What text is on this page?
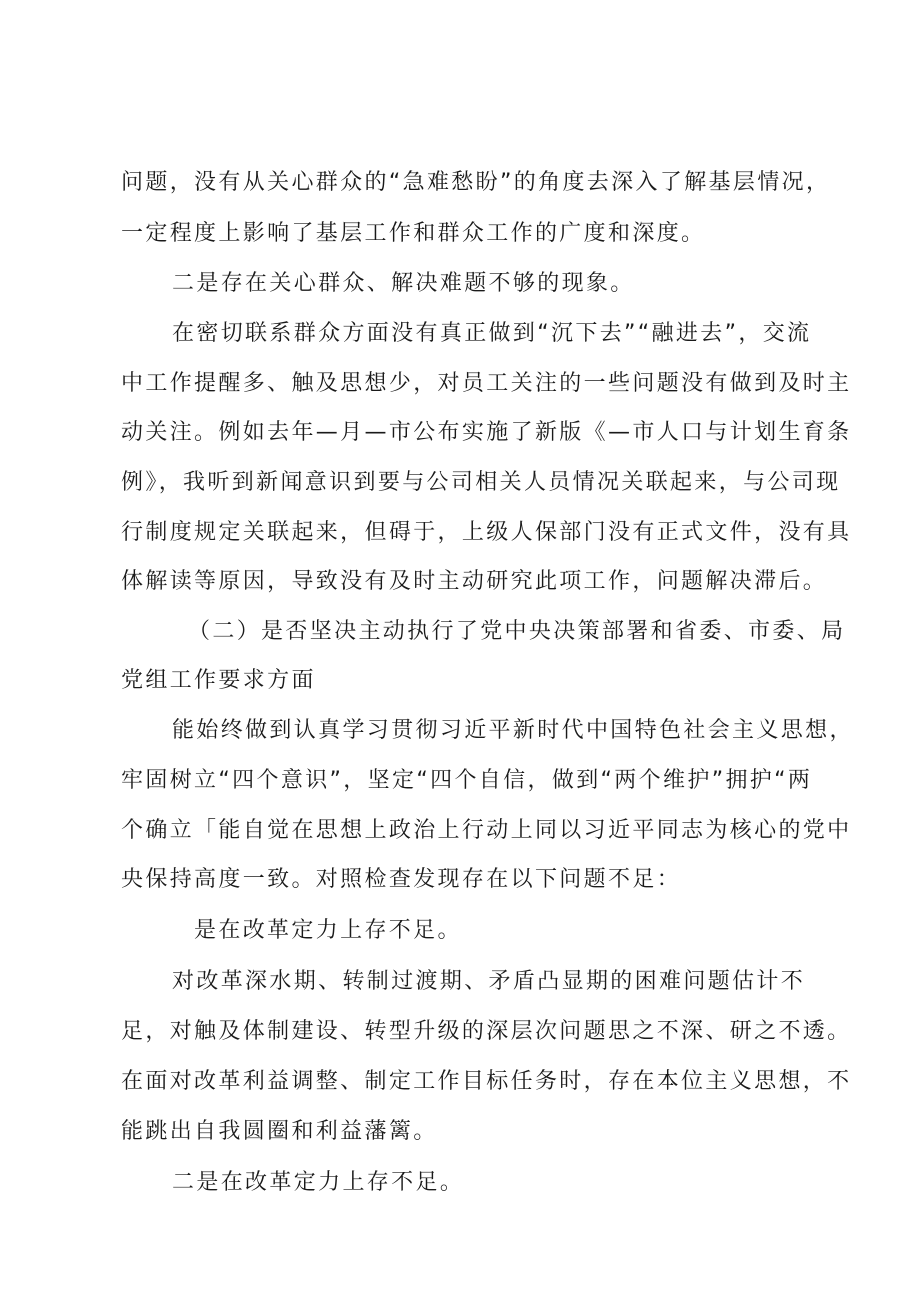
问题，没有从关心群众的“急难愁盼”的角度去深入了解基层情况，
一定程度上影响了基层工作和群众工作的广度和深度。
二是存在关心群众、解决难题不够的现象。
在密切联系群众方面没有真正做到“沉下去”“融进去”，交流
中工作提醒多、触及思想少，对员工关注的一些问题没有做到及时主
动关注。例如去年—月—市公布实施了新版《—市人口与计划生育条
例》，我听到新闻意识到要与公司相关人员情况关联起来，与公司现
行制度规定关联起来，但碍于，上级人保部门没有正式文件，没有具
体解读等原因，导致没有及时主动研究此项工作，问题解决滞后。
（二）是否坚决主动执行了党中央决策部署和省委、市委、局
党组工作要求方面
能始终做到认真学习贯彻习近平新时代中国特色社会主义思想，
牢固树立“四个意识”，坚定“四个自信，做到“两个维护”拥护“两
个确立「能自觉在思想上政治上行动上同以习近平同志为核心的党中
央保持高度一致。对照检查发现存在以下问题不足：
是在改革定力上存不足。
对改革深水期、转制过渡期、矛盾凸显期的困难问题估计不
足，对触及体制建设、转型升级的深层次问题思之不深、研之不透。
在面对改革利益调整、制定工作目标任务时，存在本位主义思想，不
能跳出自我圆圈和利益藩篱。
二是在改革定力上存不足。
